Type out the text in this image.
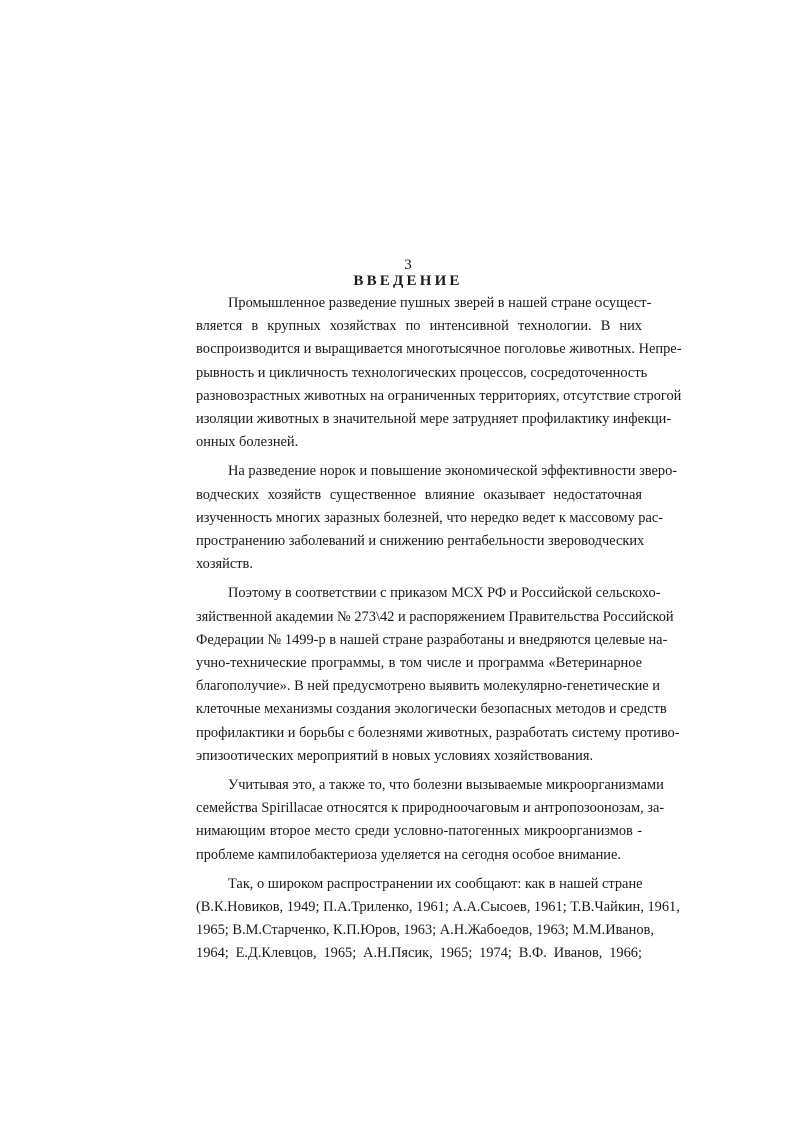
3
ВВЕДЕНИЕ
Промышленное разведение пушных зверей в нашей стране осущест-
вляется в крупных хозяйствах по интенсивной технологии. В них
воспроизводится и выращивается многотысячное поголовье животных. Непре-
рывность и цикличность технологических процессов, сосредоточенность
разновозрастных животных на ограниченных территориях, отсутствие строгой
изоляции животных в значительной мере затрудняет профилактику инфекци-
онных болезней.
На разведение норок и повышение экономической эффективности зверо-
водческих хозяйств существенное влияние оказывает недостаточная
изученность многих заразных болезней, что нередко ведет к массовому рас-
пространению заболеваний и снижению рентабельности звероводческих
хозяйств.
Поэтому в соответствии с приказом МСХ РФ и Российской сельскохо-
зяйственной академии № 273\42 и распоряжением Правительства Российской
Федерации № 1499-р в нашей стране разработаны и внедряются целевые на-
учно-технические программы, в том числе и программа «Ветеринарное
благополучие». В ней предусмотрено выявить молекулярно-генетические и
клеточные механизмы создания экологически безопасных методов и средств
профилактики и борьбы с болезнями животных, разработать систему противо-
эпизоотических мероприятий в новых условиях хозяйствования.
Учитывая это, а также то, что болезни вызываемые микроорганизмами
семейства Spirillacae относятся к природноочаговым и антропозоонозам, за-
нимающим второе место среди условно-патогенных микроорганизмов -
проблеме кампилобактериоза уделяется на сегодня особое внимание.
Так, о широком распространении их сообщают: как в нашей стране
(В.К.Новиков, 1949; П.А.Триленко, 1961; А.А.Сысоев, 1961; Т.В.Чайкин, 1961,
1965; В.М.Старченко, К.П.Юров, 1963; А.Н.Жабоедов, 1963; М.М.Иванов,
1964; Е.Д.Клевцов, 1965; А.Н.Пясик, 1965; 1974; В.Ф. Иванов, 1966;
